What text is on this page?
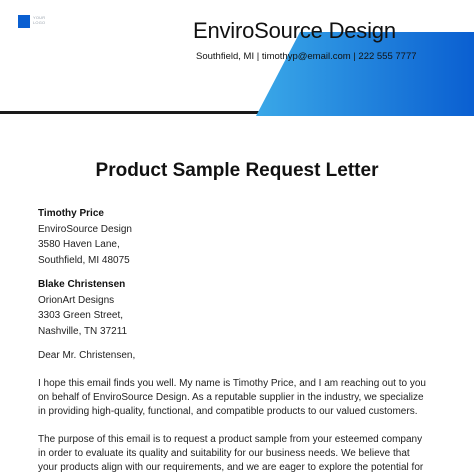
YOUR LOGO	EnviroSource Design
Southfield, MI | timothyp@email.com | 222 555 7777
Product Sample Request Letter
Timothy Price
EnviroSource Design
3580 Haven Lane,
Southfield, MI 48075
Blake Christensen
OrionArt Designs
3303 Green Street,
Nashville, TN 37211
Dear Mr. Christensen,
I hope this email finds you well. My name is Timothy Price, and I am reaching out to you
on behalf of EnviroSource Design. As a reputable supplier in the industry, we specialize
in providing high-quality, functional, and compatible products to our valued customers.
The purpose of this email is to request a product sample from your esteemed company
in order to evaluate its quality and suitability for our business needs. We believe that
your products align with our requirements, and we are eager to explore the potential for
